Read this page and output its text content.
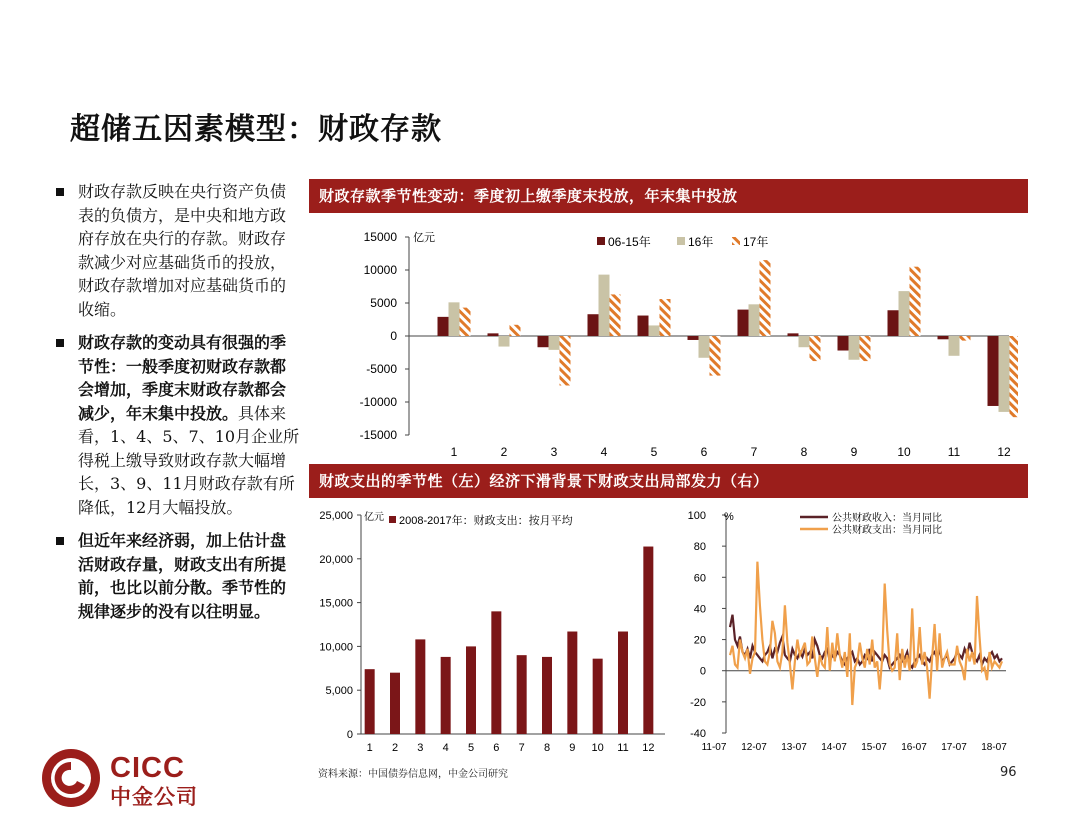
超储五因素模型：财政存款
财政存款反映在央行资产负债表的负债方，是中央和地方政府存放在央行的存款。财政存款减少对应基础货币的投放，财政存款增加对应基础货币的收缩。
财政存款的变动具有很强的季节性：一般季度初财政存款都会增加，季度末财政存款都会减少，年末集中投放。具体来看，1、4、5、7、10月企业所得税上缴导致财政存款大幅增长，3、9、11月财政存款有所降低，12月大幅投放。
但近年来经济弱，加上估计盘活财政存量，财政支出有所提前，也比以前分散。季节性的规律逐步的没有以往明显。
财政存款季节性变动：季度初上缴季度末投放，年末集中投放
财政支出的季节性（左）经济下滑背景下财政支出局部发力（右）
15000
10000
5000
0
-5000
-10000
-15000
亿元
1	2	3	4	5	6	7	8	9	10	11	12
06-15年	16年 17年
25,000
20,000
15,000
10,000
5,000
0
亿元 2008-2017年：财政支出：按月平均
1 2 3 4 5 6 7 8 9 10 11 12
100
80
60
40
20
0
-20
-40
%
11-07 12-07 13-07 14-07 15-07 16-07 17-07 18-07
公共财政收入：当月同比
公共财政支出：当月同比
资料来源：中国债券信息网，中金公司研究	96
CICC
中金公司
